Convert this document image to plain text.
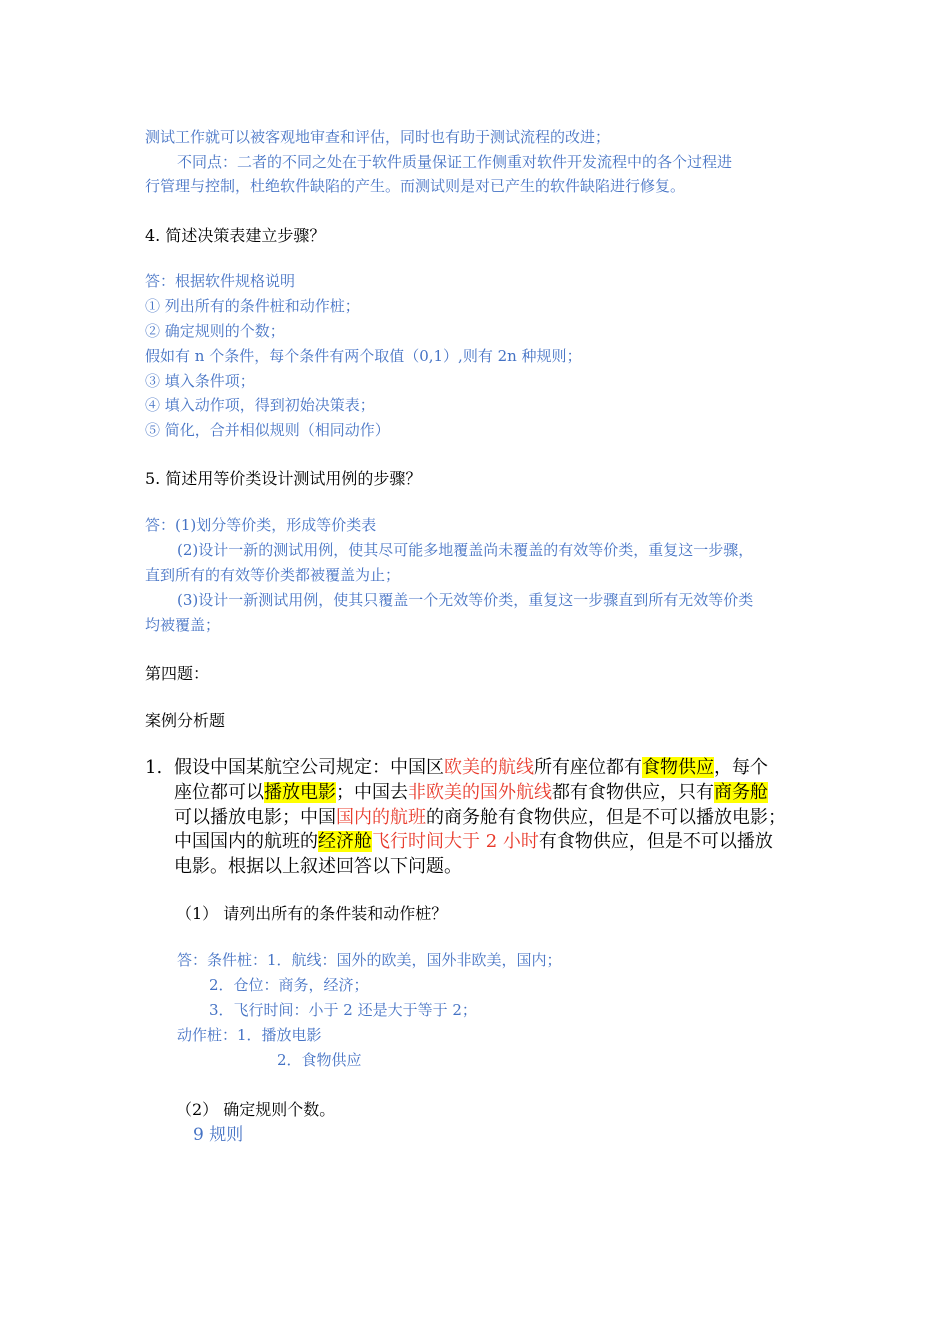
测试工作就可以被客观地审查和评估，同时也有助于测试流程的改进；
不同点：二者的不同之处在于软件质量保证工作侧重对软件开发流程中的各个过程进
行管理与控制，杜绝软件缺陷的产生。而测试则是对已产生的软件缺陷进行修复。
4. 简述决策表建立步骤？
答：根据软件规格说明
① 列出所有的条件桩和动作桩；
② 确定规则的个数；
假如有 n 个条件，每个条件有两个取值（0,1）,则有 2n 种规则；
③ 填入条件项；
④ 填入动作项，得到初始决策表；
⑤ 简化，合并相似规则（相同动作）
5. 简述用等价类设计测试用例的步骤？
答：(1)划分等价类，形成等价类表
(2)设计一新的测试用例，使其尽可能多地覆盖尚未覆盖的有效等价类，重复这一步骤，
直到所有的有效等价类都被覆盖为止；
(3)设计一新测试用例，使其只覆盖一个无效等价类，重复这一步骤直到所有无效等价类
均被覆盖；
第四题：
案例分析题
1. 假设中国某航空公司规定：中国区欧美的航线所有座位都有食物供应，每个
座位都可以播放电影；中国去非欧美的国外航线都有食物供应，只有商务舱
可以播放电影；中国国内的航班的商务舱有食物供应，但是不可以播放电影；
中国国内的航班的经济舱飞行时间大于 2 小时有食物供应，但是不可以播放
电影。根据以上叙述回答以下问题。
（1） 请列出所有的条件装和动作桩？
答：条件桩：1．航线：国外的欧美，国外非欧美，国内；
2．仓位：商务，经济；
3．飞行时间：小于 2 还是大于等于 2；
动作桩：1．播放电影
2．食物供应
（2） 确定规则个数。
9 规则
